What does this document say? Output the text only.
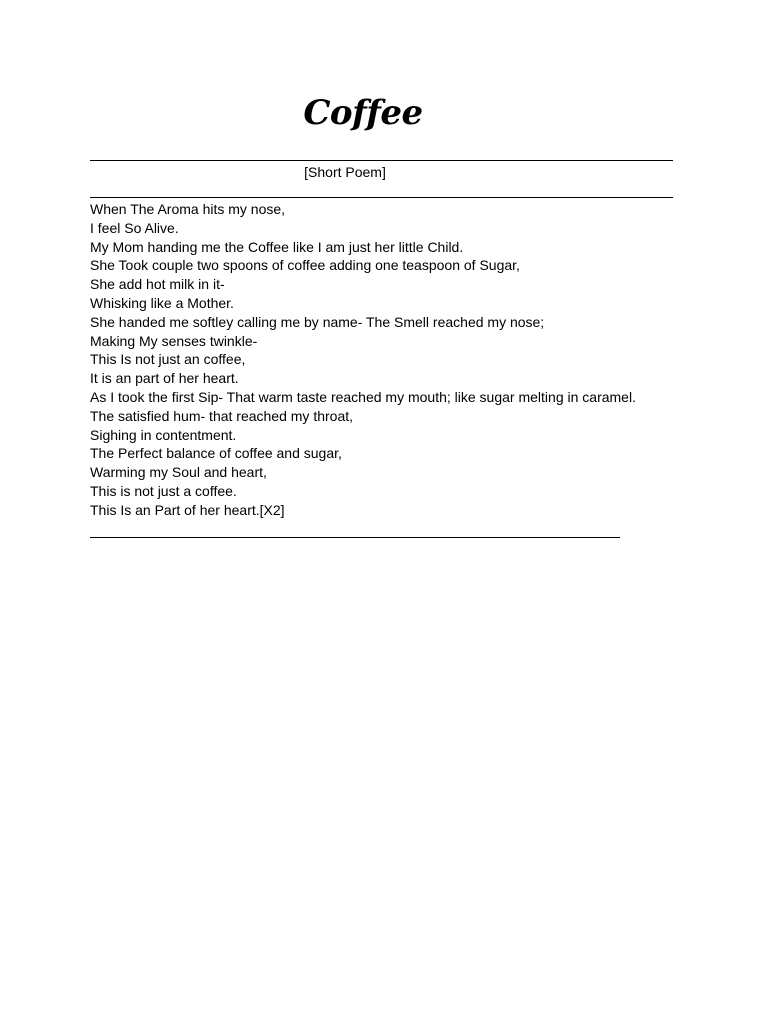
Coffee
[Short Poem]
When The Aroma hits my nose,
I feel So Alive.
My Mom handing me the Coffee like I am just her little Child.
She Took couple two spoons of coffee adding one teaspoon of Sugar,
She add hot milk in it-
Whisking like a Mother.
She handed me softley calling me by name- The Smell reached my nose;
Making My senses twinkle-
This Is not just an coffee,
It is an part of her heart.
As I took the first Sip- That warm taste reached my mouth; like sugar melting in caramel.
The satisfied hum- that reached my throat,
Sighing in contentment.
The Perfect balance of coffee and sugar,
Warming my Soul and heart,
This is not just a coffee.
This Is an Part of her heart.[X2]
